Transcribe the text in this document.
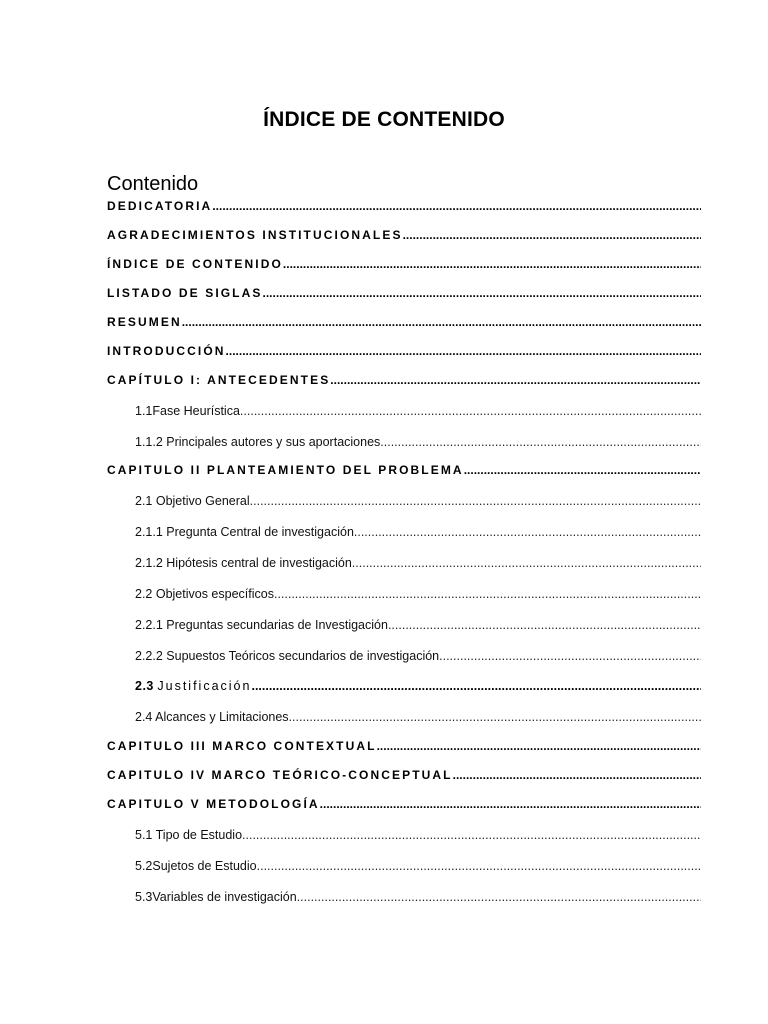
ÍNDICE DE CONTENIDO
Contenido
DEDICATORIA
.....
AGRADECIMIENTOS INSTITUCIONALES
.....
ÍNDICE DE CONTENIDO
.....
LISTADO DE SIGLAS
.....
RESUMEN
.....
INTRODUCCIÓN
.....
CAPÍTULO I: ANTECEDENTES
.....
1.1Fase Heurística
.....
1.1.2 Principales autores y sus aportaciones
.....
CAPITULO II PLANTEAMIENTO DEL PROBLEMA
.....
2.1 Objetivo General
.....
2.1.1 Pregunta Central de investigación
.....
2.1.2 Hipótesis central de investigación
.....
2.2 Objetivos específicos
.....
2.2.1 Preguntas secundarias de Investigación
.....
2.2.2 Supuestos Teóricos secundarios de investigación
.....
2.3 Justificación
.....
2.4 Alcances y Limitaciones
.....
CAPITULO III MARCO CONTEXTUAL
.....
CAPITULO IV MARCO TEÓRICO-CONCEPTUAL
.....
CAPITULO V METODOLOGÍA
.....
5.1 Tipo de Estudio
.....
5.2Sujetos de Estudio
.....
5.3Variables de investigación
.....
